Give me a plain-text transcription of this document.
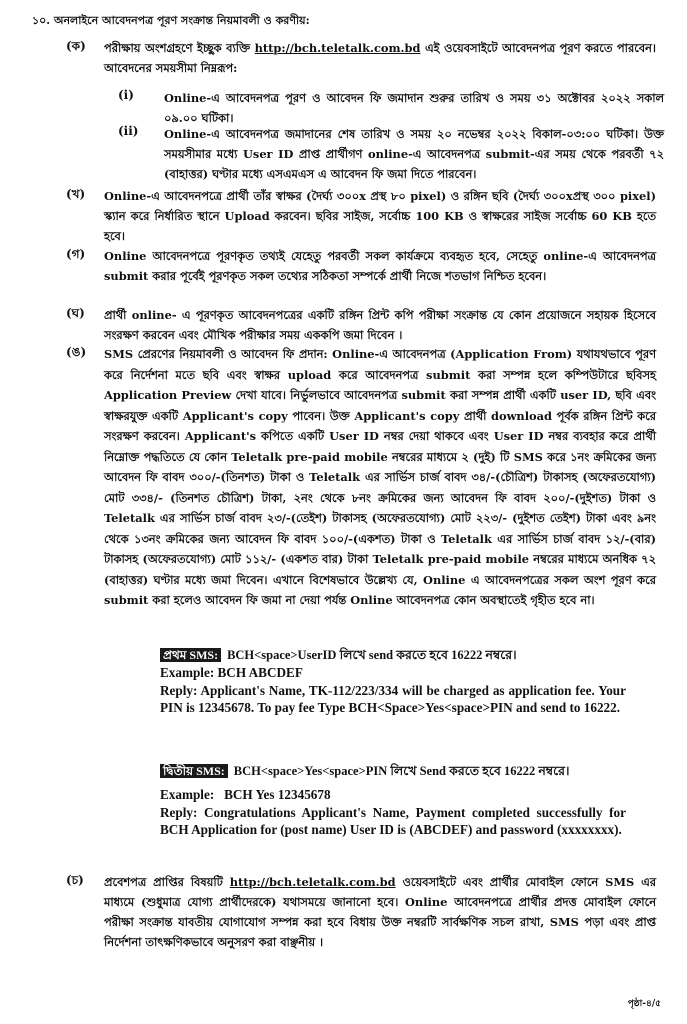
১০. অনলাইনে আবেদনপত্র পূরণ সংক্রান্ত নিয়মাবলী ও করণীয়:
(ক)	পরীক্ষায় অংশগ্রহণে ইচ্ছুক ব্যক্তি http://bch.teletalk.com.bd এই ওয়েবসাইটে আবেদনপত্র পূরণ করতে পারবেন। আবেদনের সময়সীমা নিম্নরূপ:
(i)	Online-এ আবেদনপত্র পূরণ ও আবেদন ফি জমাদান শুরুর তারিখ ও সময় ৩১ অক্টোবর ২০২২ সকাল ০৯.০০ ঘটিকা।
(ii) Online-এ আবেদনপত্র জমাদানের শেষ তারিখ ও সময় ২০ নভেম্বর ২০২২ বিকাল-০৩:০০ ঘটিকা। উক্ত সময়সীমার মধ্যে User ID প্রাপ্ত প্রার্থীগণ online-এ আবেদনপত্র submit-এর সময় থেকে পরবর্তী ৭২ (বাহাত্তর) ঘণ্টার মধ্যে এসএমএস এ আবেদন ফি জমা দিতে পারবেন।
(খ)	Online-এ আবেদনপত্রে প্রার্থী তাঁর স্বাক্ষর (দৈর্ঘ্য ৩০০x প্রস্থ ৮০ pixel) ও রঙ্গিন ছবি (দৈর্ঘ্য ৩০০xপ্রস্থ ৩০০ pixel) স্ক্যান করে নির্ধারিত স্থানে Upload করবেন। ছবির সাইজ, সর্বোচ্চ 100 KB ও স্বাক্ষরের সাইজ সর্বোচ্চ 60 KB হতে হবে।
(গ)	Online আবেদনপত্রে পূরণকৃত তথ্যই যেহেতু পরবর্তী সকল কার্যক্রমে ব্যবহৃত হবে, সেহেতু online-এ আবেদনপত্র submit করার পূর্বেই পূরণকৃত সকল তথ্যের সঠিকতা সম্পর্কে প্রার্থী নিজে শতভাগ নিশ্চিত হবেন।
(ঘ)	প্রার্থী online- এ পূরণকৃত আবেদনপত্রের একটি রঙ্গিন প্রিন্ট কপি পরীক্ষা সংক্রান্ত যে কোন প্রয়োজনে সহায়ক হিসেবে সংরক্ষণ করবেন এবং মৌখিক পরীক্ষার সময় এককপি জমা দিবেন ।
(ঙ)	SMS প্রেরণের নিয়মাবলী ও আবেদন ফি প্রদান: Online-এ আবেদনপত্র (Application From) যথাযথভাবে পূরণ করে নির্দেশনা মতে ছবি এবং স্বাক্ষর upload করে আবেদনপত্র submit করা সম্পন্ন হলে কম্পিউটারে ছবিসহ Application Preview দেখা যাবে। নির্ভুলভাবে আবেদনপত্র submit করা সম্পন্ন প্রার্থী একটি user ID, ছবি এবং স্বাক্ষরযুক্ত একটি Applicant's copy পাবেন। উক্ত Applicant's copy প্রার্থী download পূর্বক রঙ্গিন প্রিন্ট করে সংরক্ষণ করবেন। Applicant's কপিতে একটি User ID নম্বর দেয়া থাকবে এবং User ID নম্বর ব্যবহার করে প্রার্থী নিম্নোক্ত পদ্ধতিতে যে কোন Teletalk pre-paid mobile নম্বরের মাধ্যমে ২ (দুই) টি SMS করে ১নং ক্রমিকের জন্য আবেদন ফি বাবদ ৩০০/-(তিনশত) টাকা ও Teletalk এর সার্ভিস চার্জ বাবদ ৩৪/-(চৌত্রিশ) টাকাসহ (অফেরতযোগ্য) মোট ৩৩৪/- (তিনশত চৌত্রিশ) টাকা, ২নং থেকে ৮নং ক্রমিকের জন্য আবেদন ফি বাবদ ২০০/-(দুইশত) টাকা ও Teletalk এর সার্ভিস চার্জ বাবদ ২৩/-(তেইশ) টাকাসহ (অফেরতযোগ্য) মোট ২২৩/- (দুইশত তেইশ) টাকা এবং ৯নং থেকে ১৩নং ক্রমিকের জন্য আবেদন ফি বাবদ ১০০/-(একশত) টাকা ও Teletalk এর সার্ভিস চার্জ বাবদ ১২/-(বার) টাকাসহ (অফেরতযোগ্য) মোট ১১২/- (একশত বার) টাকা Teletalk pre-paid mobile নম্বরের মাধ্যমে অনধিক ৭২ (বাহাত্তর) ঘণ্টার মধ্যে জমা দিবেন। এখানে বিশেষভাবে উল্লেখ্য যে, Online এ আবেদনপত্রের সকল অংশ পূরণ করে submit করা হলেও আবেদন ফি জমা না দেয়া পর্যন্ত Online আবেদনপত্র কোন অবস্থাতেই গৃহীত হবে না।
প্রথম SMS: BCH<space>UserID লিখে send করতে হবে 16222 নম্বরে।
Example: BCH ABCDEF
Reply: Applicant's Name, TK-112/223/334 will be charged as application fee. Your PIN is 12345678. To pay fee Type BCH<Space>Yes<space>PIN and send to 16222.
দ্বিতীয় SMS: BCH<space>Yes<space>PIN লিখে Send করতে হবে 16222 নম্বরে।
Example: BCH Yes 12345678
Reply: Congratulations Applicant's Name, Payment completed successfully for BCH Application for (post name) User ID is (ABCDEF) and password (xxxxxxxx).
(চ)	প্রবেশপত্র প্রাপ্তির বিষয়টি http://bch.teletalk.com.bd ওয়েবসাইটে এবং প্রার্থীর মোবাইল ফোনে SMS এর মাধ্যমে (শুধুমাত্র যোগ্য প্রার্থীদেরকে) যথাসময়ে জানানো হবে। Online আবেদনপত্রে প্রার্থীর প্রদত্ত মোবাইল ফোনে পরীক্ষা সংক্রান্ত যাবতীয় যোগাযোগ সম্পন্ন করা হবে বিধায় উক্ত নম্বরটি সার্বক্ষণিক সচল রাখা, SMS পড়া এবং প্রাপ্ত নির্দেশনা তাৎক্ষণিকভাবে অনুসরণ করা বাঞ্ছনীয় ।
পৃষ্ঠা-৪/৫
